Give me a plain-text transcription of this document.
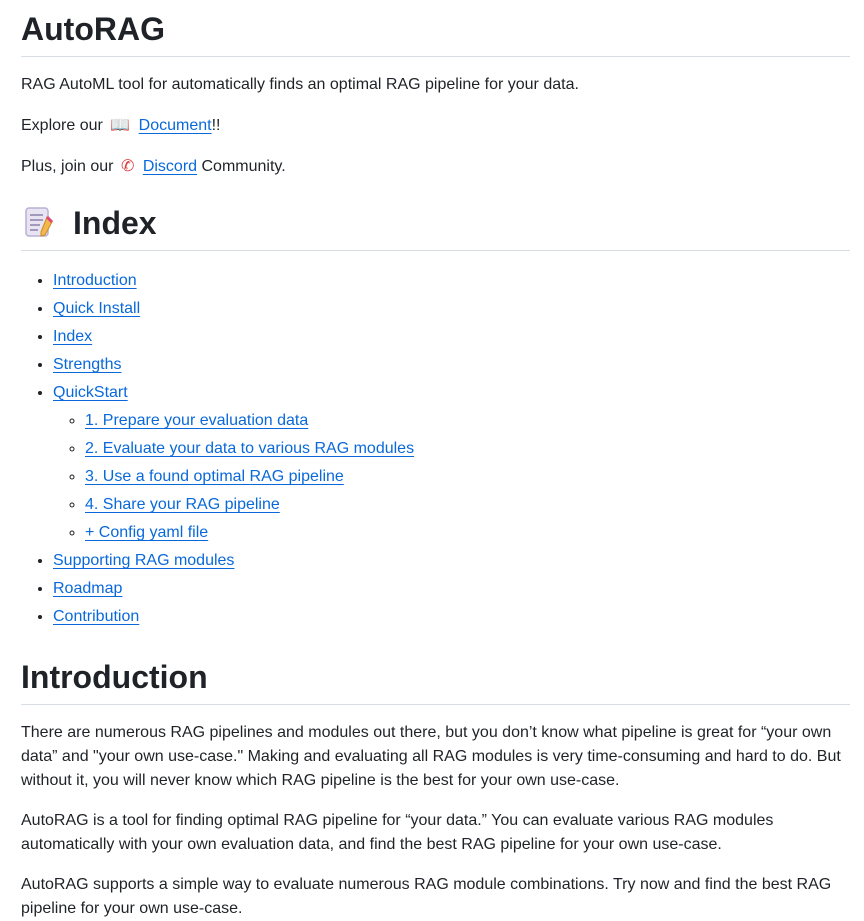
AutoRAG

RAG AutoML tool for automatically finds an optimal RAG pipeline for your data.

Explore our 📖 Document!!

Plus, join our ✆ Discord Community.

Index
• Introduction
• Quick Install
• Index
• Strengths
• QuickStart
◦ 1. Prepare your evaluation data
◦ 2. Evaluate your data to various RAG modules
◦ 3. Use a found optimal RAG pipeline
◦ 4. Share your RAG pipeline
◦ + Config yaml file
• Supporting RAG modules
• Roadmap
• Contribution
Introduction

There are numerous RAG pipelines and modules out there, but you don’t know what pipeline is great for “your own data” and "your own use-case." Making and evaluating all RAG modules is very time-consuming and hard to do. But without it, you will never know which RAG pipeline is the best for your own use-case.

AutoRAG is a tool for finding optimal RAG pipeline for “your data.” You can evaluate various RAG modules automatically with your own evaluation data, and find the best RAG pipeline for your own use-case.

AutoRAG supports a simple way to evaluate numerous RAG module combinations. Try now and find the best RAG pipeline for your own use-case.
